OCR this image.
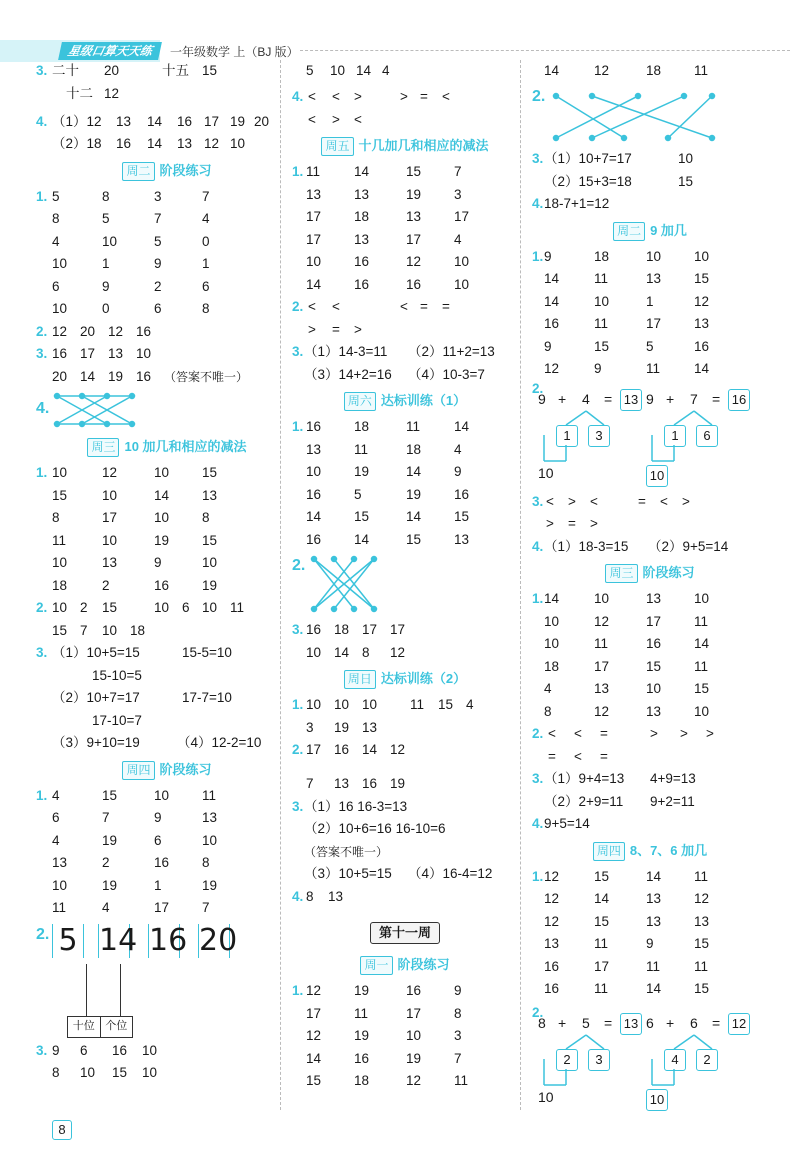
星级口算天天练	一年级数学 上（BJ 版）
3. 二十 20	十五 15
十二 12
4. （1）12 13 14 16 17 19 20
（2）18 16 14 13 12 10
周二 阶段练习
1. 5	8	3	7
8	5	7	4
4	10	5	0
10	1	9	1
6	9	2	6
10	0	6	8
2. 12 20 12 16
3. 16 17 13 10
20 14 19 16 （答案不唯一）
4.
周三 10 加几和相应的减法
1. 10	12	10 15
15	10	14 13
8	17	10 8
11	10	19 15
10	13	9	10
18	2	16 19
2. 10 2 15	10 6 10 11
15 7 10 18
3. （1）10+5=15	15-5=10
15-10=5
（2）10+7=17	17-7=10
17-10=7
（3）9+10=19	（4）12-2=10
周四 阶段练习
1. 4	15	10 11
6	7	9	13
4	19	6	10
13	2	16 8
10	19	1	19
11	4	17 7
2. 5 14 16 20
十位 个位
3. 9 6 16 10
8 10 15 10
5 10 14 4
4. < < >	> = <
< > <
周五 十几加几和相应的减法
1. 11	14	15 7
13 13	19 3
17 18	13 17
17 13	17 4
10 16	12 10
14 16	16 10
2. < <	< = =
> = >
3. （1）14-3=11 （2）11+2=13
（3）14+2=16 （4）10-3=7
周六 达标训练（1）
1. 16 18	11	14
13 11	18 4
10 19	14 9
16 5	19 16
14 15	14 15
16 14	15 13
2.
3. 16 18 17 17
10 14 8 12
周日 达标训练（2）
1. 10 10 10 11 15 4
3 19 13
2. 17 16 14 12
7 13 16 19
3. （1）16 16-3=13
（2）10+6=16 16-10=6
（答案不唯一）
（3）10+5=15 （4）16-4=12
4. 8 13
第十一周
周一 阶段练习
1. 12 19	16 9
17 11	17 8
12 19	10 3
14 16	19 7
15 18	12 11
14	12	18 11
2.
3. （1）10+7=17	10
（2）15+3=18	15
4. 18-7+1=12
周二 9 加几
1. 9	18	10 10
14	11	13 15
14	10	1	12
16	11	17 13
9	15	5	16
12	9	11	14
2.
9 + 4 = 13
1	3
10
9 + 7 = 16
1	6
10
3. < > <	= < >
> = >
4. （1）18-3=15 （2）9+5=14
周三 阶段练习
1. 14	10	13 10
10	12	17 11
10	11	16 14
18	17	15 11
4	13	10 15
8	12	13 10
2. < < =	> > >
= < =
3. （1）9+4=13 4+9=13
（2）2+9=11 9+2=11
4. 9+5=14
周四 8、7、6 加几
1. 12	15	14 11
12	14	13 12
12	15	13 13
13	11	9	15
16	17	11	11
16	11	14 15
2.
8 + 5 = 13
2	3
10
6 + 6 = 12
4	2
10
8
